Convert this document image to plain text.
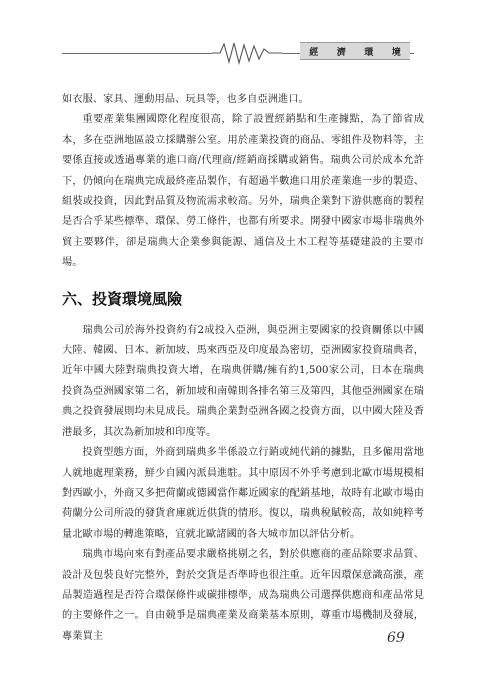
經 濟 環 境

如衣服、家具、運動用品、玩具等，也多自亞洲進口。

重要產業集團國際化程度很高，除了設置經銷點和生產據點，為了節省成本，多在亞洲地區設立採購辦公室。用於產業投資的商品、零組件及物料等，主要係直接或透過專業的進口商/代理商/經銷商採購或銷售。瑞典公司於成本允許下，仍傾向在瑞典完成最終產品製作，有超過半數進口用於產業進一步的製造、組裝或投資，因此對品質及物流需求較高。另外，瑞典企業對下游供應商的製程是否合乎某些標準、環保、勞工條件，也都有所要求。開發中國家市場非瑞典外貿主要夥伴，卻是瑞典大企業參與能源、通信及土木工程等基礎建設的主要市場。

六、投資環境風險

瑞典公司於海外投資約有2成投入亞洲，與亞洲主要國家的投資關係以中國大陸、韓國、日本、新加坡、馬來西亞及印度最為密切，亞洲國家投資瑞典者，近年中國大陸對瑞典投資大增，在瑞典併購/擁有約1,500家公司，日本在瑞典投資為亞洲國家第二名，新加坡和南韓則各排名第三及第四，其他亞洲國家在瑞典之投資發展則均未見成長。瑞典企業對亞洲各國之投資方面，以中國大陸及香港最多，其次為新加坡和印度等。

投資型態方面，外商到瑞典多半係設立行銷或純代銷的據點，且多僱用當地人就地處理業務，鮮少自國內派員進駐。其中原因不外乎考慮到北歐市場規模相對西歐小，外商又多把荷蘭或德國當作鄰近國家的配銷基地，故時有北歐市場由荷蘭分公司所設的發貨倉庫就近供貨的情形。復以，瑞典稅賦較高，故如純粹考量北歐市場的轉進策略，宜就北歐諸國的各大城市加以評估分析。

瑞典市場向來有對產品要求嚴格挑剔之名，對於供應商的產品除要求品質、設計及包裝良好完整外，對於交貨是否準時也很注重。近年因環保意識高漲，產品製造過程是否符合環保條件或碳排標準，成為瑞典公司選擇供應商和產品常見的主要條件之一。自由競爭是瑞典產業及商業基本原則，尊重市場機制及發展，專業買主	69
